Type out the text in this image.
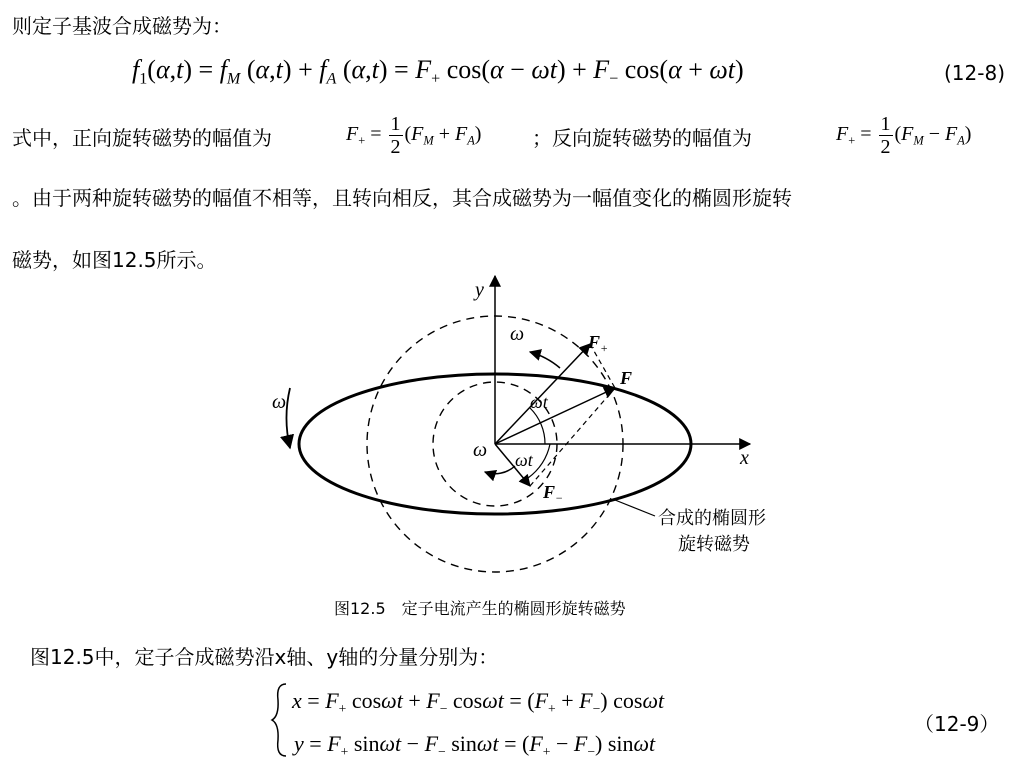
则定子基波合成磁势为：
$f_1(\alpha,t) = f_M$ $(\alpha,t) + f_A$ $(\alpha,t) = F_+$ $\cos(\alpha - \omega t) + F_-$ cos(α + ωt)	(12-8)
式中，正向旋转磁势的幅值为	$F_+ = \frac{1}{2} (F_M + F_A)$	；反向旋转磁势的幅值为	$F_+ = \frac{1}{2} (F_M - F_A)$
。由于两种旋转磁势的幅值不相等，且转向相反，其合成磁势为一幅值变化的椭圆形旋转
磁势，如图12.5所示。
y
x
ω
ω
ω
$F_+$
F
$F_-$
ωt
ωt
合成的椭圆形
旋转磁势
图12.5　定子电流产生的椭圆形旋转磁势
图12.5中，定子合成磁势沿x轴、y轴的分量分别为：
$x = F_+$ $\cos\omega t + F_-$ $\cos\omega t = (F_+ + F_-)$ cosωt
$y = F_+$ $\sin\omega t - F_-$ $\sin\omega t = (F_+ - F_-)$ sinωt
（12-9）
